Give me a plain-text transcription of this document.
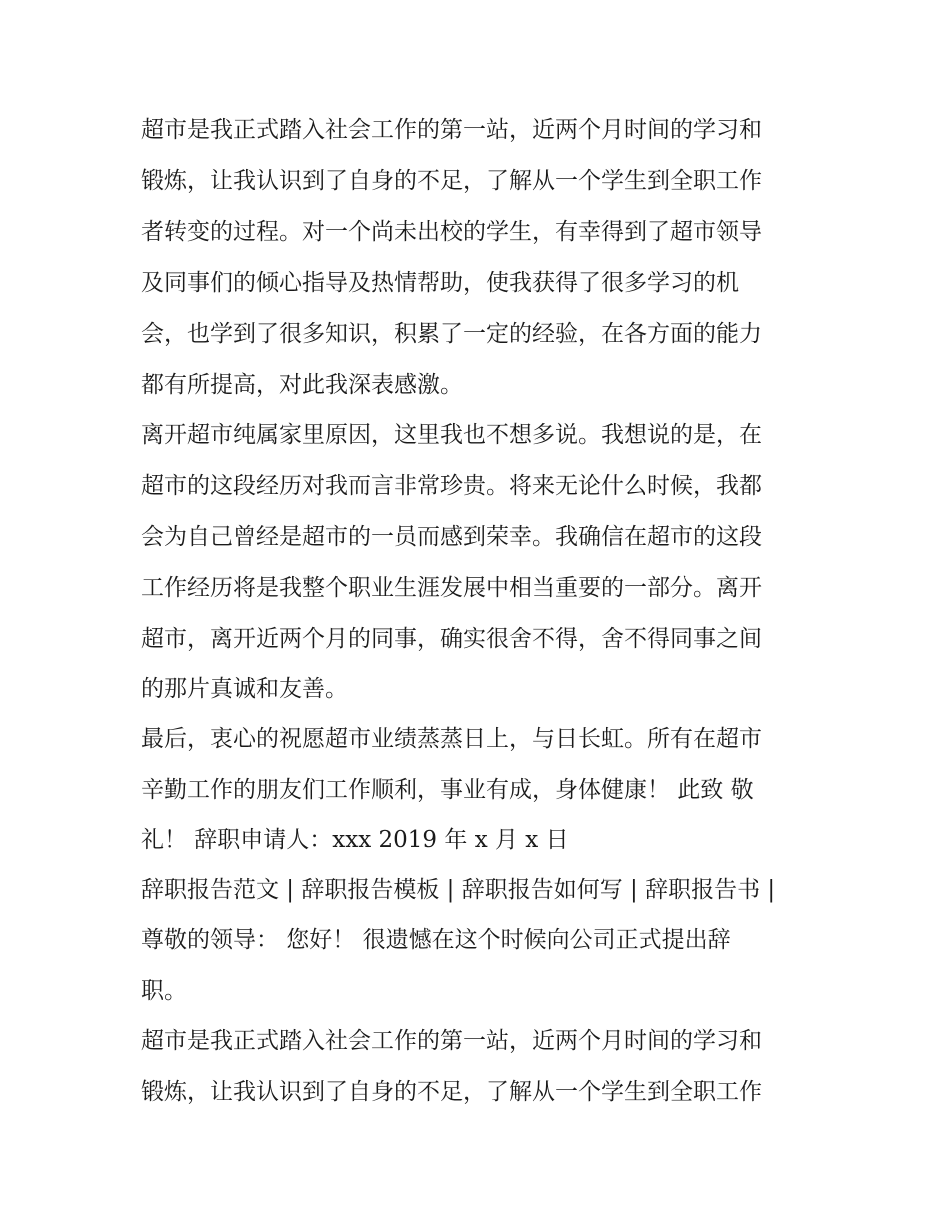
超市是我正式踏入社会工作的第一站，近两个月时间的学习和
锻炼，让我认识到了自身的不足，了解从一个学生到全职工作
者转变的过程。对一个尚未出校的学生，有幸得到了超市领导
及同事们的倾心指导及热情帮助，使我获得了很多学习的机
会，也学到了很多知识，积累了一定的经验，在各方面的能力
都有所提高，对此我深表感激。
离开超市纯属家里原因，这里我也不想多说。我想说的是，在
超市的这段经历对我而言非常珍贵。将来无论什么时候，我都
会为自己曾经是超市的一员而感到荣幸。我确信在超市的这段
工作经历将是我整个职业生涯发展中相当重要的一部分。离开
超市，离开近两个月的同事，确实很舍不得，舍不得同事之间
的那片真诚和友善。
最后，衷心的祝愿超市业绩蒸蒸日上，与日长虹。所有在超市
辛勤工作的朋友们工作顺利，事业有成，身体健康！ 此致 敬
礼！ 辞职申请人：xxx 2019 年 x 月 x 日
辞职报告范文 | 辞职报告模板 | 辞职报告如何写 | 辞职报告书 |
尊敬的领导： 您好！ 很遗憾在这个时候向公司正式提出辞
职。
超市是我正式踏入社会工作的第一站，近两个月时间的学习和
锻炼，让我认识到了自身的不足，了解从一个学生到全职工作
